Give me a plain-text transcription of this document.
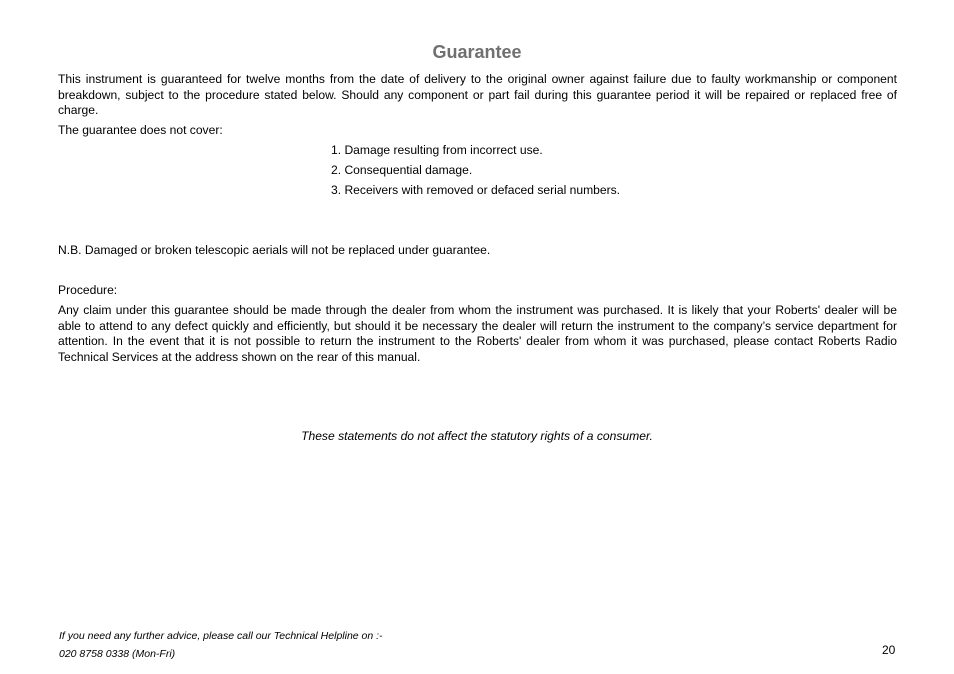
Guarantee

This instrument is guaranteed for twelve months from the date of delivery to the original owner against failure due to faulty workmanship or component breakdown, subject to the procedure stated below. Should any component or part fail during this guarantee period it will be repaired or replaced free of charge.

The guarantee does not cover:

1. Damage resulting from incorrect use.
2. Consequential damage.
3. Receivers with removed or defaced serial numbers.

N.B. Damaged or broken telescopic aerials will not be replaced under guarantee.

Procedure:

Any claim under this guarantee should be made through the dealer from whom the instrument was purchased. It is likely that your Roberts' dealer will be able to attend to any defect quickly and efficiently, but should it be necessary the dealer will return the instrument to the company’s service department for attention. In the event that it is not possible to return the instrument to the Roberts' dealer from whom it was purchased, please contact Roberts Radio Technical Services at the address shown on the rear of this manual.

These statements do not affect the statutory rights of a consumer.
If you need any further advice, please call our Technical Helpline on :-
020 8758 0338 (Mon-Fri)	20
